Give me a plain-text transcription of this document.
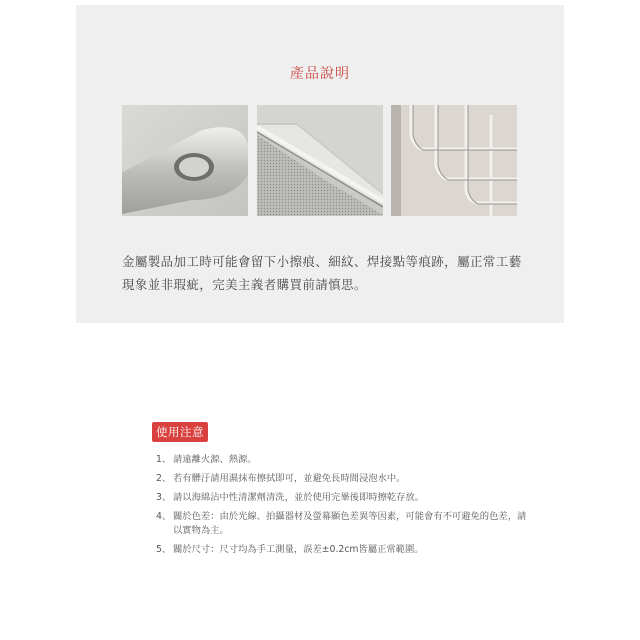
產品說明

金屬製品加工時可能會留下小擦痕、細紋、焊接點等痕跡，屬正常工藝現象並非瑕疵，完美主義者購買前請慎思。

使用注意
1、 請遠離火源、熱源。
2、 若有髒汙請用濕抹布擦拭即可，並避免長時間浸泡水中。
3、 請以海綿沾中性清潔劑清洗，並於使用完畢後即時擦乾存放。
4、 關於色差：由於光線、拍攝器材及螢幕顯色差異等因素，可能會有不可避免的色差，請以實物為主。
5、 關於尺寸：尺寸均為手工測量，誤差±0.2cm皆屬正常範圍。
